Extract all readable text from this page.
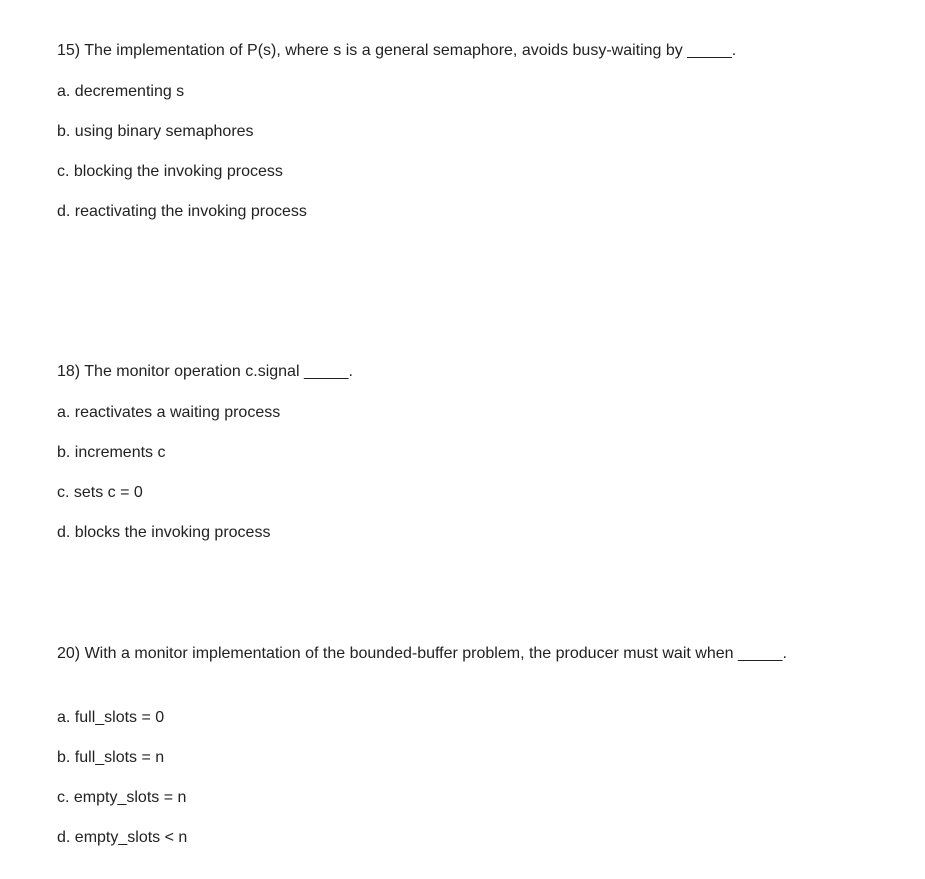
15) The implementation of P(s), where s is a general semaphore, avoids busy-waiting by _____.
a. decrementing s
b. using binary semaphores
c. blocking the invoking process
d. reactivating the invoking process
18) The monitor operation c.signal _____.
a. reactivates a waiting process
b. increments c
c. sets c = 0
d. blocks the invoking process
20) With a monitor implementation of the bounded-buffer problem, the producer must wait when _____.
a. full_slots = 0
b. full_slots = n
c. empty_slots = n
d. empty_slots < n
